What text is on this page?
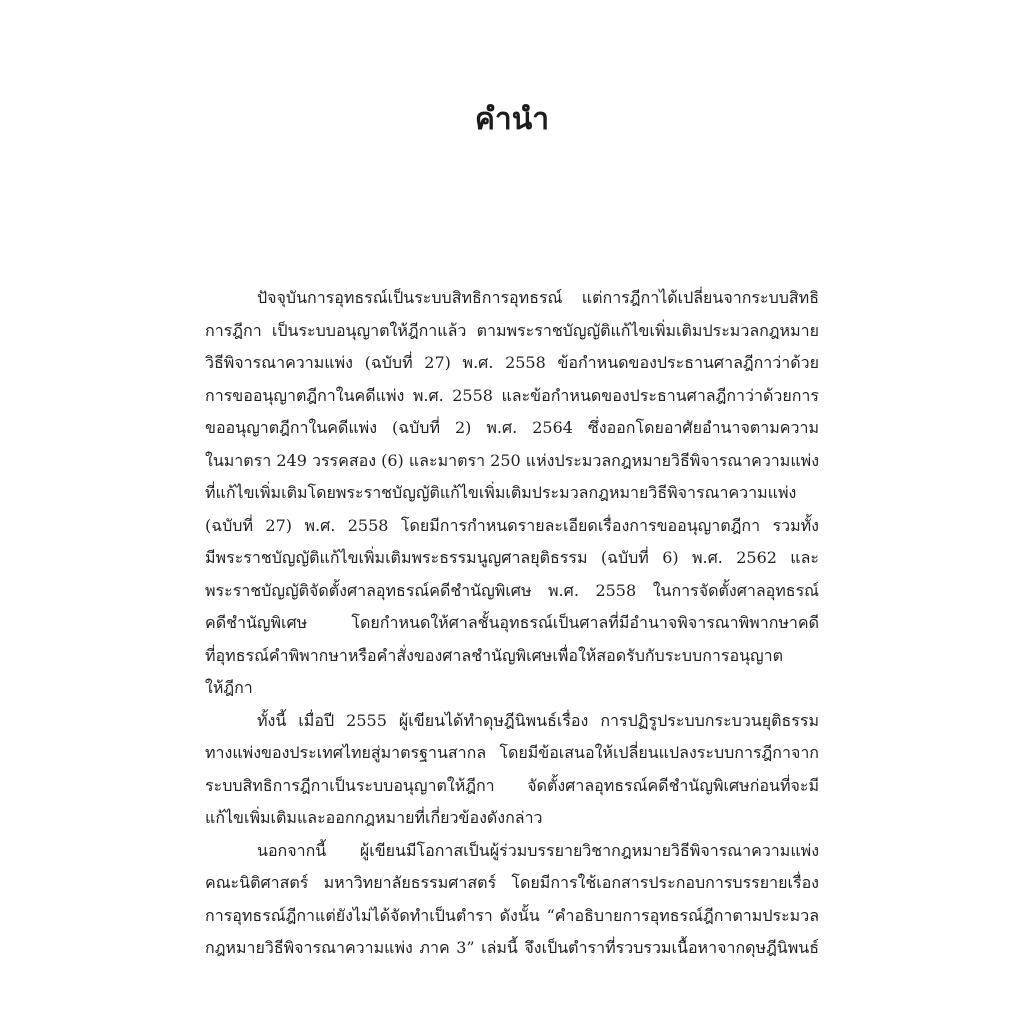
คำนำ
ปัจจุบันการอุทธรณ์เป็นระบบสิทธิการอุทธรณ์ แต่การฎีกาได้เปลี่ยนจากระบบสิทธิ
การฎีกา เป็นระบบอนุญาตให้ฎีกาแล้ว ตามพระราชบัญญัติแก้ไขเพิ่มเติมประมวลกฎหมาย
วิธีพิจารณาความแพ่ง (ฉบับที่ 27) พ.ศ. 2558 ข้อกำหนดของประธานศาลฎีกาว่าด้วย
การขออนุญาตฎีกาในคดีแพ่ง พ.ศ. 2558 และข้อกำหนดของประธานศาลฎีกาว่าด้วยการ
ขออนุญาตฎีกาในคดีแพ่ง (ฉบับที่ 2) พ.ศ. 2564 ซึ่งออกโดยอาศัยอำนาจตามความ
ในมาตรา 249 วรรคสอง (6) และมาตรา 250 แห่งประมวลกฎหมายวิธีพิจารณาความแพ่ง
ที่แก้ไขเพิ่มเติมโดยพระราชบัญญัติแก้ไขเพิ่มเติมประมวลกฎหมายวิธีพิจารณาความแพ่ง
(ฉบับที่ 27) พ.ศ. 2558 โดยมีการกำหนดรายละเอียดเรื่องการขออนุญาตฎีกา รวมทั้ง
มีพระราชบัญญัติแก้ไขเพิ่มเติมพระธรรมนูญศาลยุติธรรม (ฉบับที่ 6) พ.ศ. 2562 และ
พระราชบัญญัติจัดตั้งศาลอุทธรณ์คดีชำนัญพิเศษ พ.ศ. 2558 ในการจัดตั้งศาลอุทธรณ์
คดีชำนัญพิเศษ โดยกำหนดให้ศาลชั้นอุทธรณ์เป็นศาลที่มีอำนาจพิจารณาพิพากษาคดี
ที่อุทธรณ์คำพิพากษาหรือคำสั่งของศาลชำนัญพิเศษเพื่อให้สอดรับกับระบบการอนุญาต
ให้ฎีกา
ทั้งนี้ เมื่อปี 2555 ผู้เขียนได้ทำดุษฎีนิพนธ์เรื่อง การปฏิรูประบบกระบวนยุติธรรม
ทางแพ่งของประเทศไทยสู่มาตรฐานสากล โดยมีข้อเสนอให้เปลี่ยนแปลงระบบการฎีกาจาก
ระบบสิทธิการฎีกาเป็นระบบอนุญาตให้ฎีกา จัดตั้งศาลอุทธรณ์คดีชำนัญพิเศษก่อนที่จะมี
แก้ไขเพิ่มเติมและออกกฎหมายที่เกี่ยวข้องดังกล่าว
นอกจากนี้ ผู้เขียนมีโอกาสเป็นผู้ร่วมบรรยายวิชากฎหมายวิธีพิจารณาความแพ่ง
คณะนิติศาสตร์ มหาวิทยาลัยธรรมศาสตร์ โดยมีการใช้เอกสารประกอบการบรรยายเรื่อง
การอุทธรณ์ฎีกาแต่ยังไม่ได้จัดทำเป็นตำรา ดังนั้น “คำอธิบายการอุทธรณ์ฎีกาตามประมวล
กฎหมายวิธีพิจารณาความแพ่ง ภาค 3” เล่มนี้ จึงเป็นตำราที่รวบรวมเนื้อหาจากดุษฎีนิพนธ์
